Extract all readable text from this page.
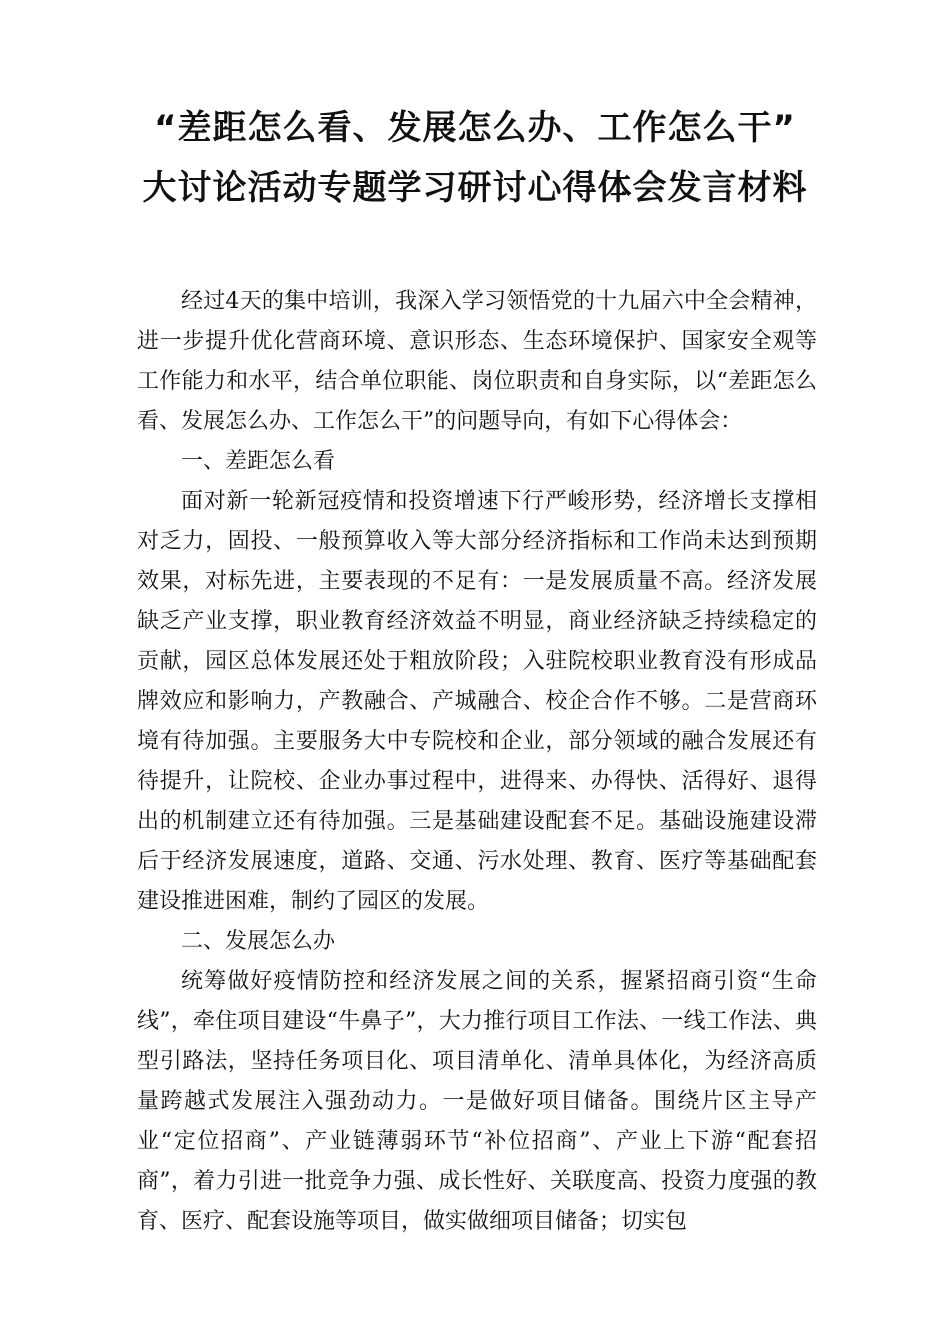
“差距怎么看、发展怎么办、工作怎么干”
大讨论活动专题学习研讨心得体会发言材料

经过4天的集中培训，我深入学习领悟党的十九届六中全会精神，进一步提升优化营商环境、意识形态、生态环境保护、国家安全观等工作能力和水平，结合单位职能、岗位职责和自身实际，以“差距怎么看、发展怎么办、工作怎么干”的问题导向，有如下心得体会：

一、差距怎么看

面对新一轮新冠疫情和投资增速下行严峻形势，经济增长支撑相对乏力，固投、一般预算收入等大部分经济指标和工作尚未达到预期效果，对标先进，主要表现的不足有：一是发展质量不高。经济发展缺乏产业支撑，职业教育经济效益不明显，商业经济缺乏持续稳定的贡献，园区总体发展还处于粗放阶段；入驻院校职业教育没有形成品牌效应和影响力，产教融合、产城融合、校企合作不够。二是营商环境有待加强。主要服务大中专院校和企业，部分领域的融合发展还有待提升，让院校、企业办事过程中，进得来、办得快、活得好、退得出的机制建立还有待加强。三是基础建设配套不足。基础设施建设滞后于经济发展速度，道路、交通、污水处理、教育、医疗等基础配套建设推进困难，制约了园区的发展。

二、发展怎么办

统筹做好疫情防控和经济发展之间的关系，握紧招商引资“生命线”，牵住项目建设“牛鼻子”，大力推行项目工作法、一线工作法、典型引路法，坚持任务项目化、项目清单化、清单具体化，为经济高质量跨越式发展注入强劲动力。一是做好项目储备。围绕片区主导产业“定位招商”、产业链薄弱环节“补位招商”、产业上下游“配套招商”，着力引进一批竞争力强、成长性好、关联度高、投资力度强的教育、医疗、配套设施等项目，做实做细项目储备；切实包
